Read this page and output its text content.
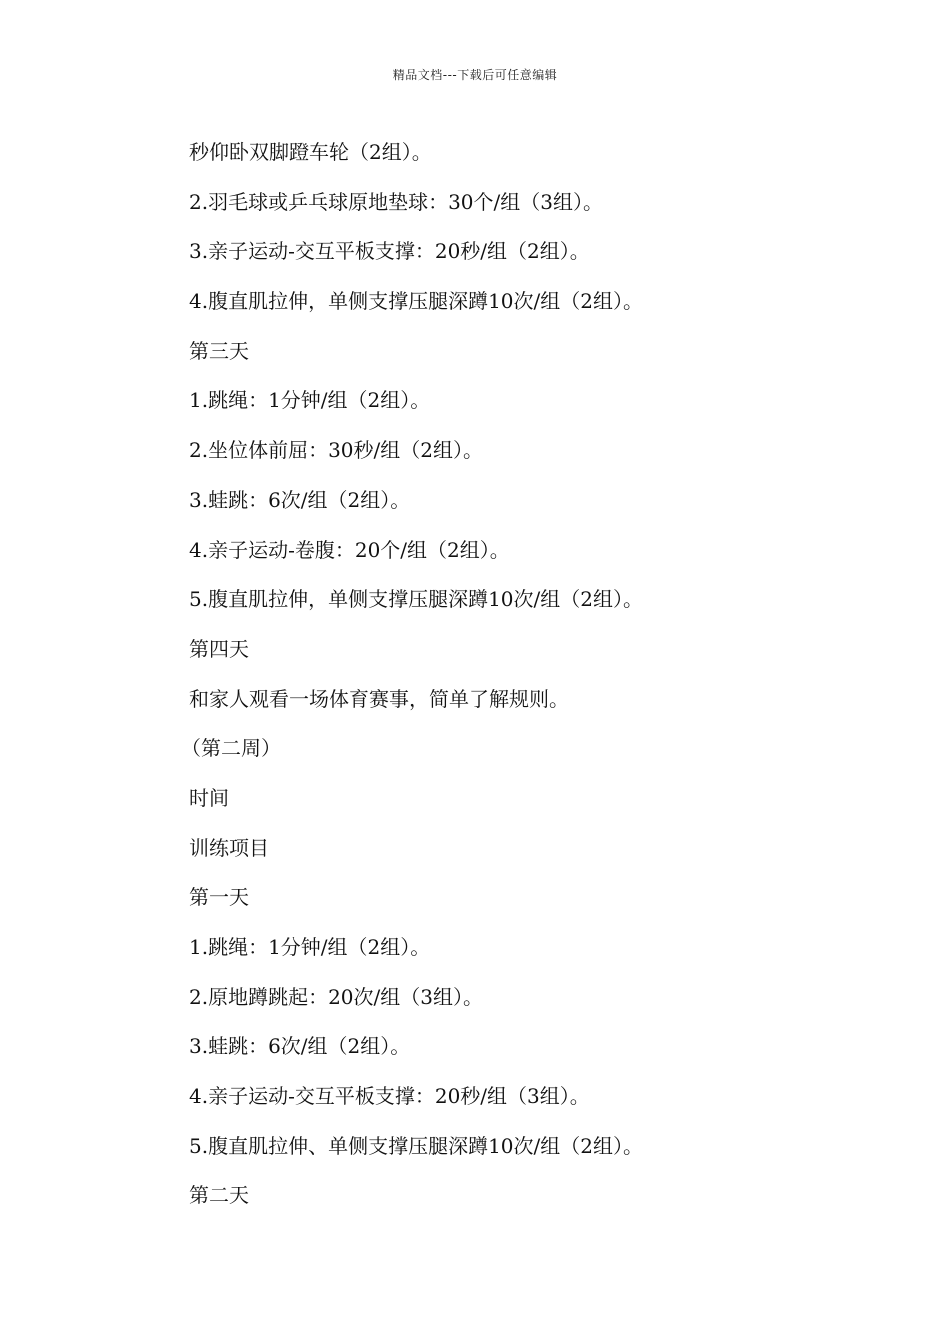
精品文档---下载后可任意编辑
秒仰卧双脚蹬车轮（2组）。
2.羽毛球或乒乓球原地垫球：30个/组（3组）。
3.亲子运动-交互平板支撑：20秒/组（2组）。
4.腹直肌拉伸，单侧支撑压腿深蹲10次/组（2组）。
第三天
1.跳绳：1分钟/组（2组）。
2.坐位体前屈：30秒/组（2组）。
3.蛙跳：6次/组（2组）。
4.亲子运动-卷腹：20个/组（2组）。
5.腹直肌拉伸，单侧支撑压腿深蹲10次/组（2组）。
第四天
和家人观看一场体育赛事，简单了解规则。
（第二周）
时间
训练项目
第一天
1.跳绳：1分钟/组（2组）。
2.原地蹲跳起：20次/组（3组）。
3.蛙跳：6次/组（2组）。
4.亲子运动-交互平板支撑：20秒/组（3组）。
5.腹直肌拉伸、单侧支撑压腿深蹲10次/组（2组）。
第二天
